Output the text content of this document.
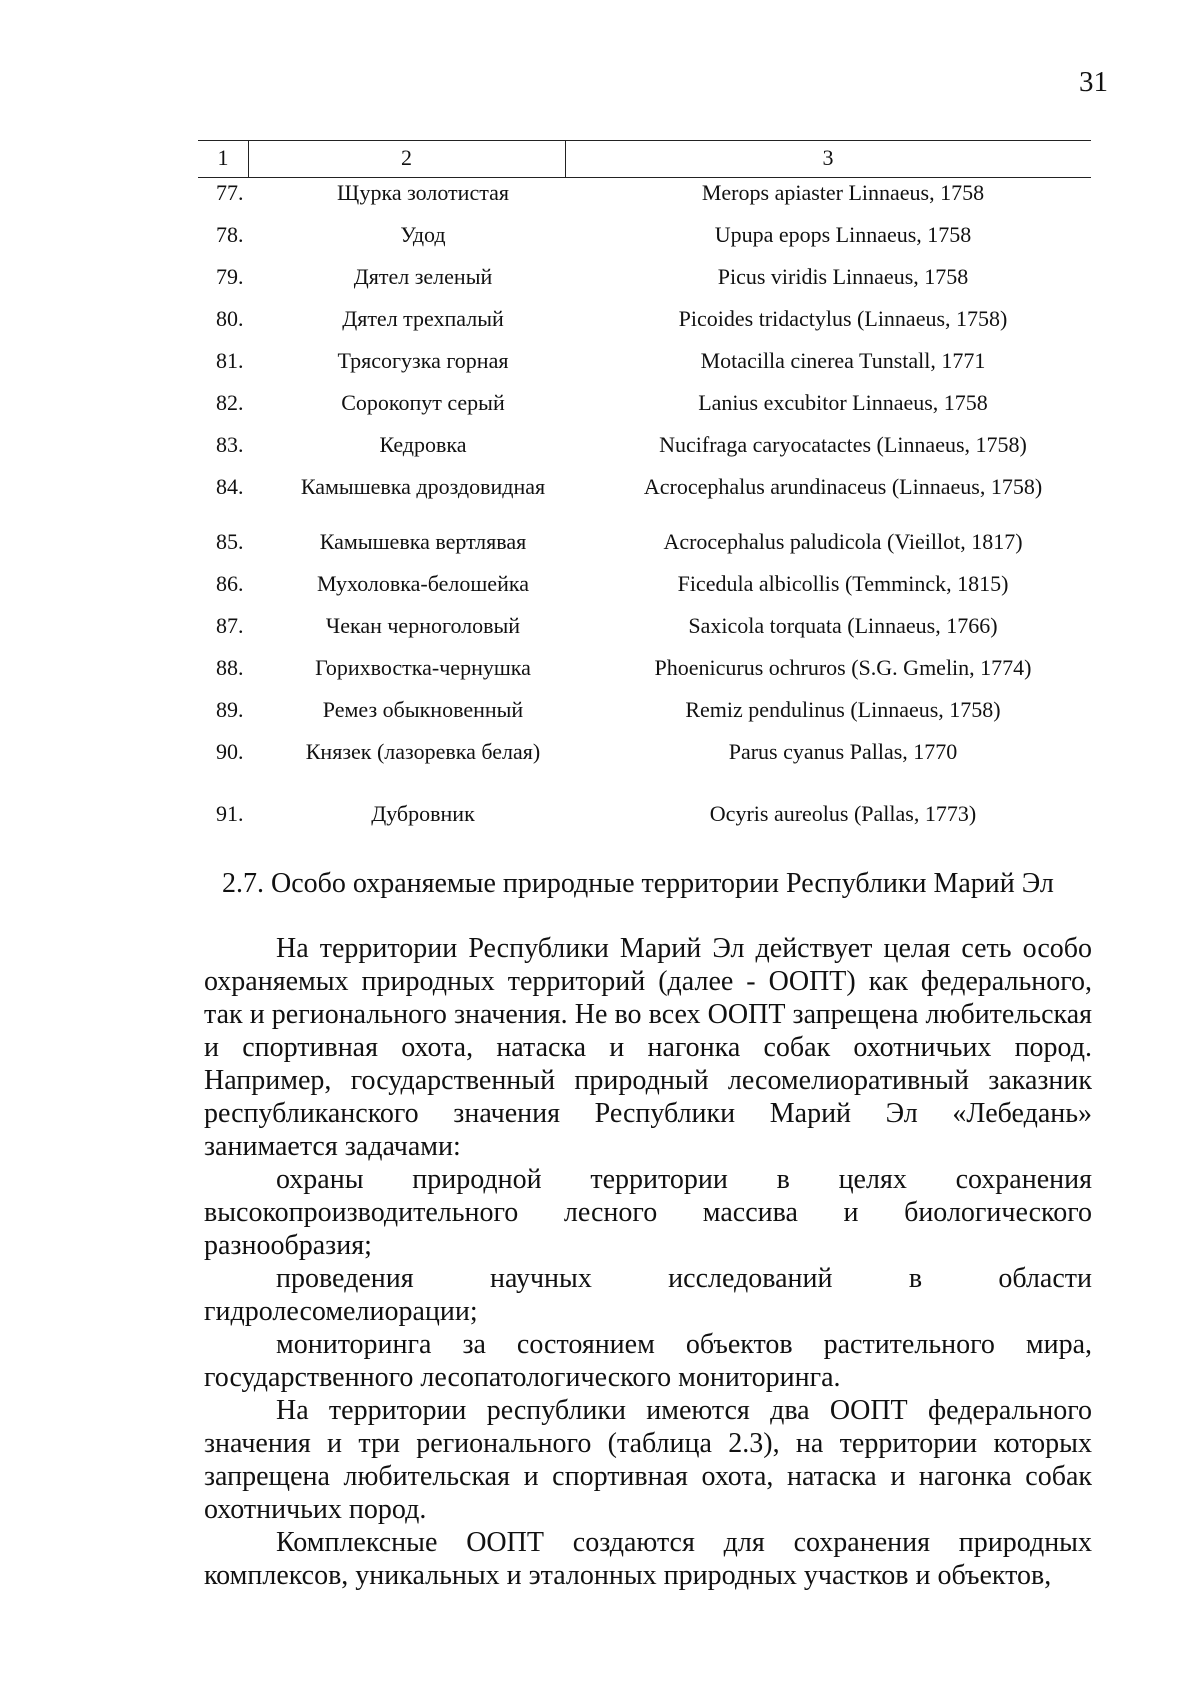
31
1	2	3
77.	Щурка золотистая	Merops apiaster Linnaeus, 1758
78.	Удод	Upupa epops Linnaeus, 1758
79.	Дятел зеленый	Picus viridis Linnaeus, 1758
80.	Дятел трехпалый	Picoides tridactylus (Linnaeus, 1758)
81.	Трясогузка горная	Motacilla cinerea Tunstall, 1771
82.	Сорокопут серый	Lanius excubitor Linnaeus, 1758
83.	Кедровка	Nucifraga caryocatactes (Linnaeus, 1758)
84.	Камышевка дроздовидная	Acrocephalus arundinaceus (Linnaeus, 1758)
85.	Камышевка вертлявая	Acrocephalus paludicola (Vieillot, 1817)
86.	Мухоловка-белошейка	Ficedula albicollis (Temminck, 1815)
87.	Чекан черноголовый	Saxicola torquata (Linnaeus, 1766)
88.	Горихвостка-чернушка	Phoenicurus ochruros (S.G. Gmelin, 1774)
89.	Ремез обыкновенный	Remiz pendulinus (Linnaeus, 1758)
90.	Князек (лазоревка белая)	Parus cyanus Pallas, 1770
91.	Дубровник	Ocyris aureolus (Pallas, 1773)
2.7. Особо охраняемые природные территории Республики Марий Эл

На территории Республики Марий Эл действует целая сеть особо охраняемых природных территорий (далее - ООПТ) как федерального, так и регионального значения. Не во всех ООПТ запрещена любительская и спортивная охота, натаска и нагонка собак охотничьих пород. Например, государственный природный лесомелиоративный заказник республиканского значения Республики Марий Эл «Лебедань» занимается задачами:

охраны природной территории в целях сохранения высокопроизводительного лесного массива и биологического разнообразия;

проведения научных исследований в области гидролесомелиорации;

мониторинга за состоянием объектов растительного мира, государственного лесопатологического мониторинга.

На территории республики имеются два ООПТ федерального значения и три регионального (таблица 2.3), на территории которых запрещена любительская и спортивная охота, натаска и нагонка собак охотничьих пород.

Комплексные ООПТ создаются для сохранения природных комплексов, уникальных и эталонных природных участков и объектов,
